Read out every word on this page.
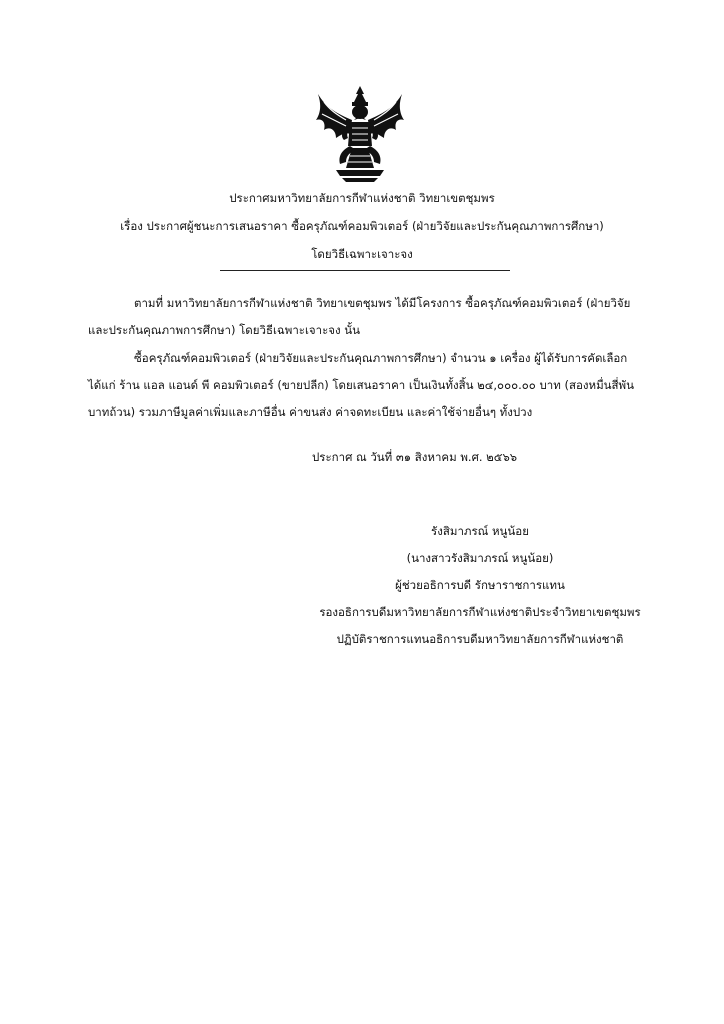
ประกาศมหาวิทยาลัยการกีฬาแห่งชาติ วิทยาเขตชุมพร
เรื่อง ประกาศผู้ชนะการเสนอราคา ซื้อครุภัณฑ์คอมพิวเตอร์ (ฝ่ายวิจัยและประกันคุณภาพการศึกษา)
โดยวิธีเฉพาะเจาะจง
ตามที่ มหาวิทยาลัยการกีฬาแห่งชาติ วิทยาเขตชุมพร ได้มีโครงการ ซื้อครุภัณฑ์คอมพิวเตอร์ (ฝ่ายวิจัย
และประกันคุณภาพการศึกษา) โดยวิธีเฉพาะเจาะจง นั้น
ซื้อครุภัณฑ์คอมพิวเตอร์ (ฝ่ายวิจัยและประกันคุณภาพการศึกษา) จำนวน ๑ เครื่อง ผู้ได้รับการคัดเลือก
ได้แก่ ร้าน แอล แอนด์ พี คอมพิวเตอร์ (ขายปลีก) โดยเสนอราคา เป็นเงินทั้งสิ้น ๒๔,๐๐๐.๐๐ บาท (สองหมื่นสี่พัน
บาทถ้วน) รวมภาษีมูลค่าเพิ่มและภาษีอื่น ค่าขนส่ง ค่าจดทะเบียน และค่าใช้จ่ายอื่นๆ ทั้งปวง
ประกาศ ณ วันที่ ๓๑ สิงหาคม พ.ศ. ๒๕๖๖
รังสิมาภรณ์ หนูน้อย
(นางสาวรังสิมาภรณ์ หนูน้อย)
ผู้ช่วยอธิการบดี รักษาราชการแทน
รองอธิการบดีมหาวิทยาลัยการกีฬาแห่งชาติประจำวิทยาเขตชุมพร
ปฏิบัติราชการแทนอธิการบดีมหาวิทยาลัยการกีฬาแห่งชาติ
